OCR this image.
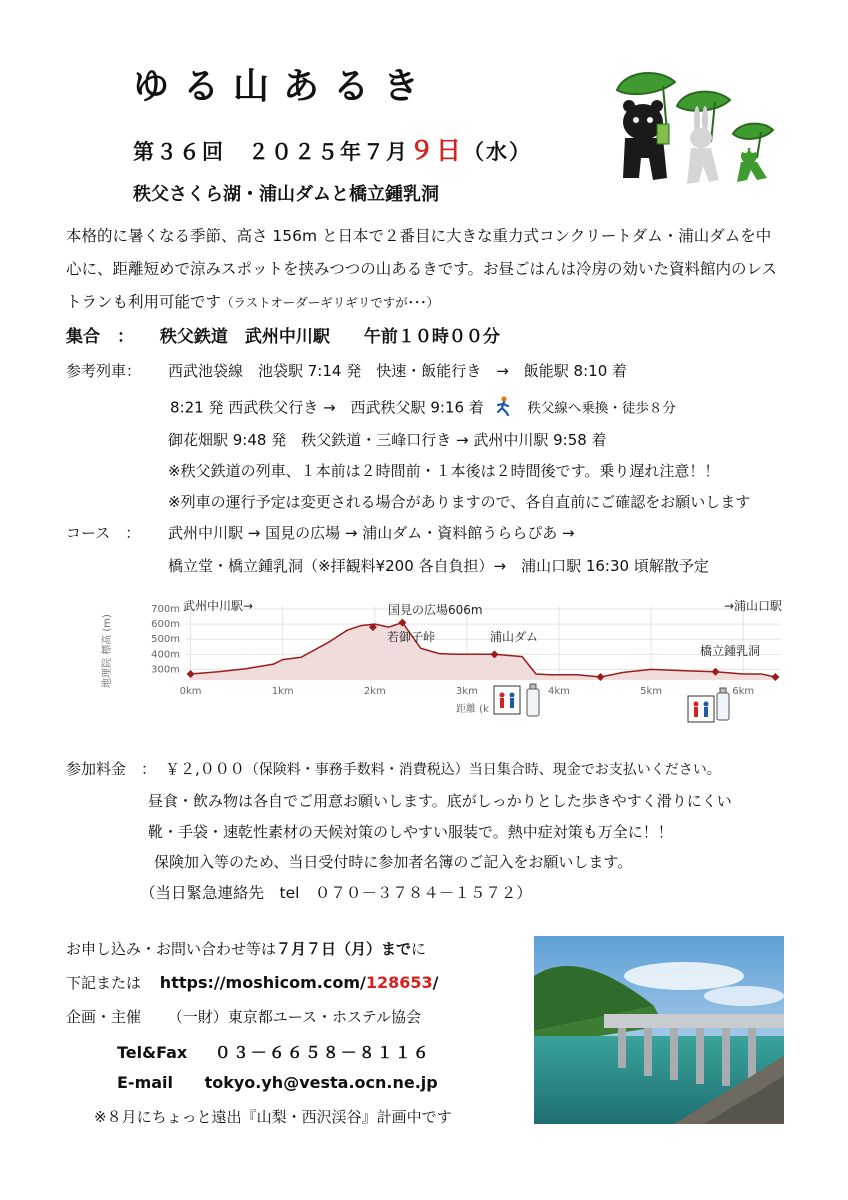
ゆる山あるき
第３６回　２０２５年７月９日（水）
秩父さくら湖・浦山ダムと橋立鍾乳洞
本格的に暑くなる季節、高さ 156m と日本で２番目に大きな重力式コンクリートダム・浦山ダムを中心に、距離短めで涼みスポットを挟みつつの山あるきです。お昼ごはんは冷房の効いた資料館内のレストランも利用可能です（ラストオーダーギリギリですが･･･）
集合　： 秩父鉄道　武州中川駅　　午前１０時００分
参考列車： 西武池袋線　池袋駅 7:14 発　快速・飯能行き　→　飯能駅 8:10 着
8:21 発 西武秩父行き →　西武秩父駅 9:16 着	秩父線へ乗換・徒歩８分
御花畑駅 9:48 発　秩父鉄道・三峰口行き → 武州中川駅 9:58 着
※秩父鉄道の列車、１本前は２時間前・１本後は２時間後です。乗り遅れ注意！！
※列車の運行予定は変更される場合がありますので、各自直前にご確認をお願いします
コース　： 武州中川駅 → 国見の広場 → 浦山ダム・資料館うららぴあ →
橋立堂・橋立鍾乳洞（※拝観料¥200 各自負担）→　浦山口駅 16:30 頃解散予定
700m
600m
500m
400m
300m
0km	1km	2km	3km	4km	5km	6km
地理院 標高 (m)
距離 (k
武州中川駅→	国見の広場606m
若御子峠	浦山ダム
橋立鍾乳洞
→浦山口駅
参加料金　： ￥２,０００（保険料・事務手数料・消費税込）当日集合時、現金でお支払いください。
昼食・飲み物は各自でご用意お願いします。底がしっかりとした歩きやすく滑りにくい
靴・手袋・速乾性素材の天候対策のしやすい服装で。熱中症対策も万全に！！
保険加入等のため、当日受付時に参加者名簿のご記入をお願いします。
（当日緊急連絡先　tel　０７０－３７８４－１５７２）
お申し込み・お問い合わせ等は７月７日（月）までに
下記または https://moshicom.com/128653/
企画・主催 （一財）東京都ユース・ホステル協会
Tel&Fax ０３－６６５８－８１１６
E-mail tokyo.yh@vesta.ocn.ne.jp
※８月にちょっと遠出『山梨・西沢渓谷』計画中です
